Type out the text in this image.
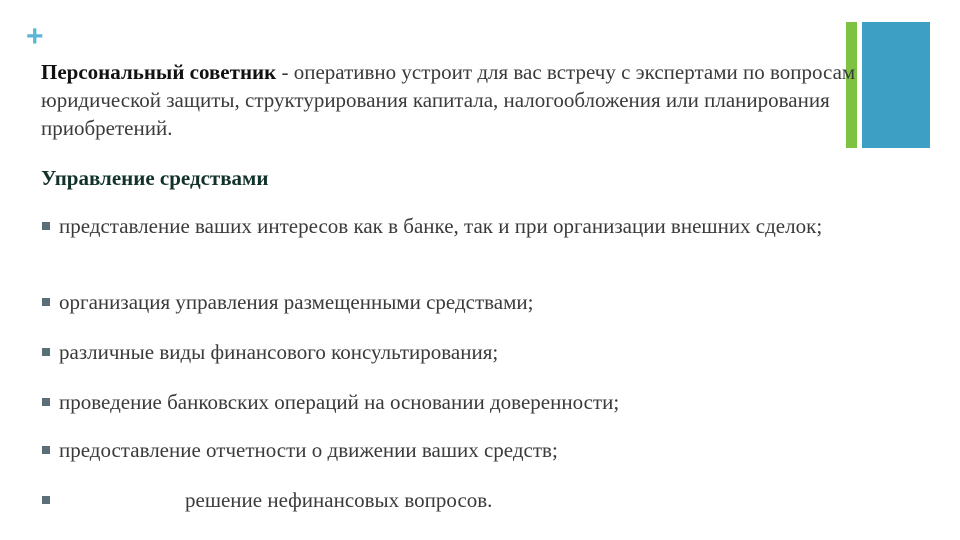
+
Персональный советник - оперативно устроит для вас встречу с экспертами по вопросам юридической защиты, структурирования капитала, налогообложения или планирования приобретений.
Управление средствами
представление ваших интересов как в банке, так и при организации внешних сделок;
организация управления размещенными средствами;
различные виды финансового консультирования;
проведение банковских операций на основании доверенности;
предоставление отчетности о движении ваших средств;
решение нефинансовых вопросов.
